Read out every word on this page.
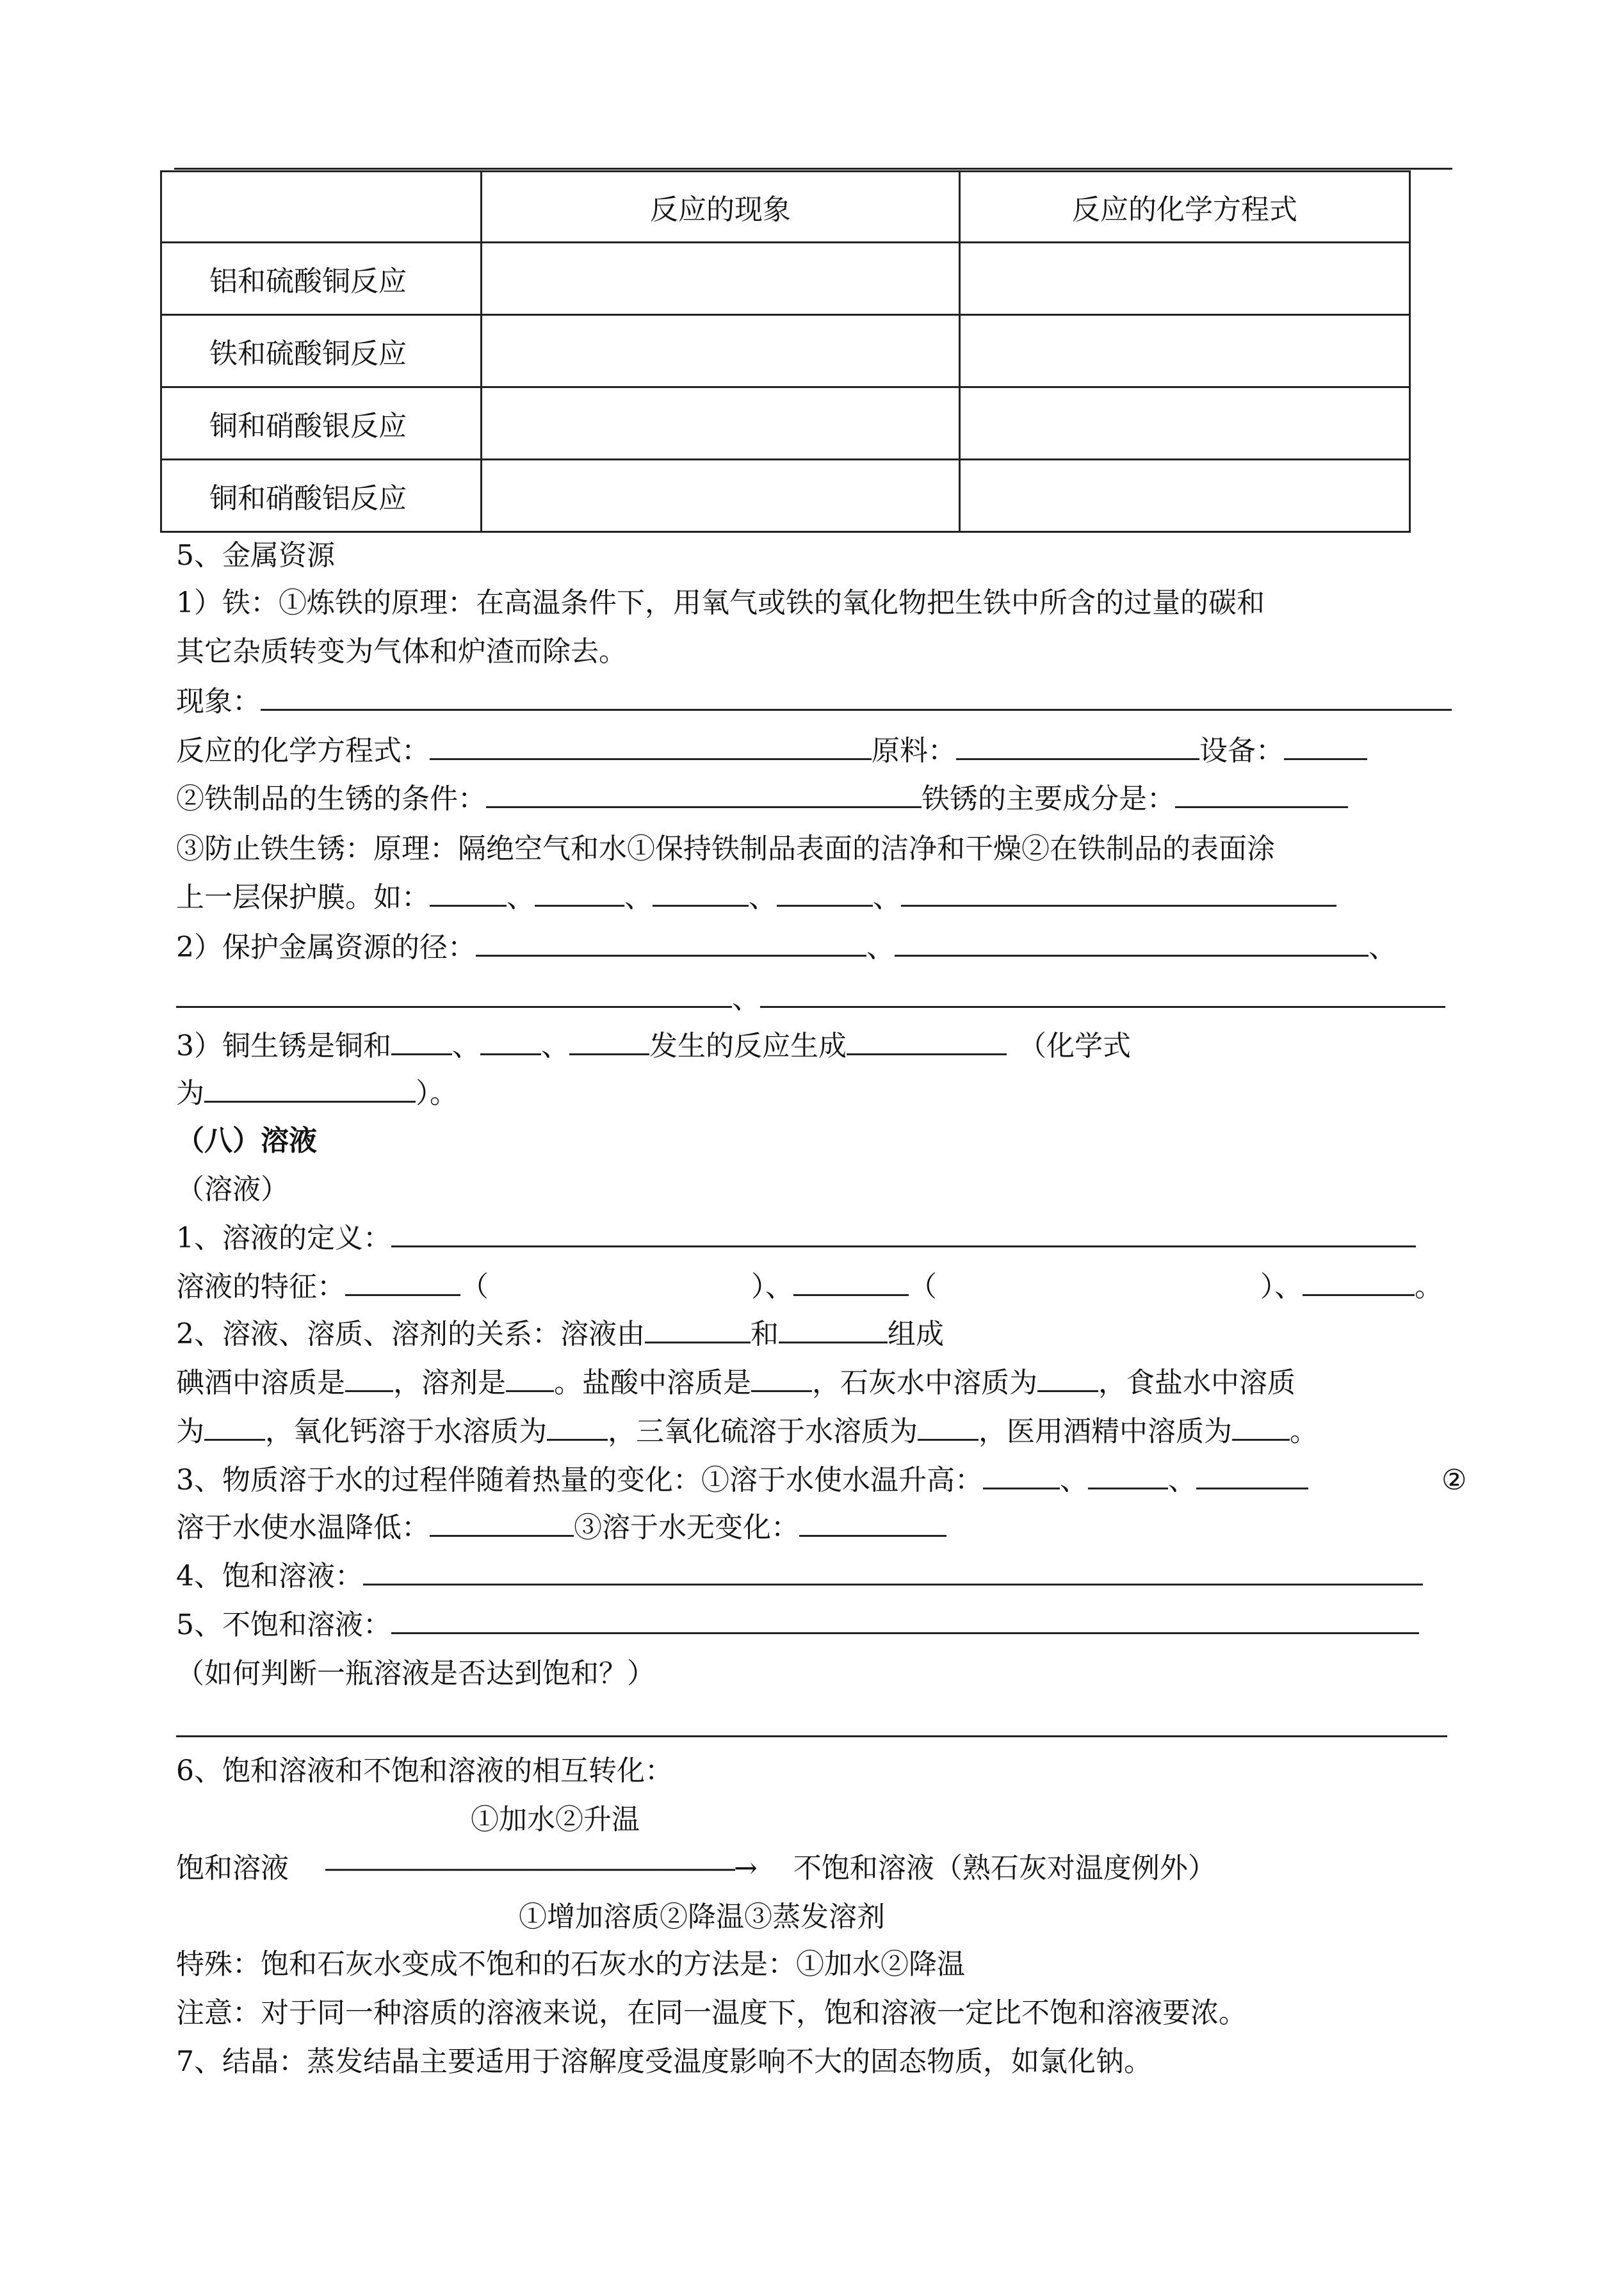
	反应的现象	反应的化学方程式
铝和硫酸铜反应		
铁和硫酸铜反应		
铜和硝酸银反应		
铜和硝酸铝反应		
5、金属资源
1）铁：①炼铁的原理：在高温条件下，用氧气或铁的氧化物把生铁中所含的过量的碳和
其它杂质转变为气体和炉渣而除去。
现象：
反应的化学方程式：	原料：	设备：
②铁制品的生锈的条件：	铁锈的主要成分是：
③防止铁生锈：原理：隔绝空气和水①保持铁制品表面的洁净和干燥②在铁制品的表面涂
上一层保护膜。如：	、	、	、	、
2）保护金属资源的径：	、	、
、
3）铜生锈是铜和 、 、	发生的反应生成	（化学式
为	）。
（八）溶液
（溶液）
1、溶液的定义：
溶液的特征：	（	）、	（	）、	。
2、溶液、溶质、溶剂的关系：溶液由	和	组成
碘酒中溶质是 ，溶剂是 。盐酸中溶质是 ，石灰水中溶质为 ，食盐水中溶质
为 ，氧化钙溶于水溶质为 ，三氧化硫溶于水溶质为 ，医用酒精中溶质为 。
3、物质溶于水的过程伴随着热量的变化：①溶于水使水温升高：	、	、	②
溶于水使水温降低：	③溶于水无变化：
4、饱和溶液：
5、不饱和溶液：
（如何判断一瓶溶液是否达到饱和？）
6、饱和溶液和不饱和溶液的相互转化：
①加水②升温
饱和溶液 ————————————————→ 不饱和溶液（熟石灰对温度例外）
①增加溶质②降温③蒸发溶剂
特殊：饱和石灰水变成不饱和的石灰水的方法是：①加水②降温
注意：对于同一种溶质的溶液来说，在同一温度下，饱和溶液一定比不饱和溶液要浓。
7、结晶：蒸发结晶主要适用于溶解度受温度影响不大的固态物质，如氯化钠。
